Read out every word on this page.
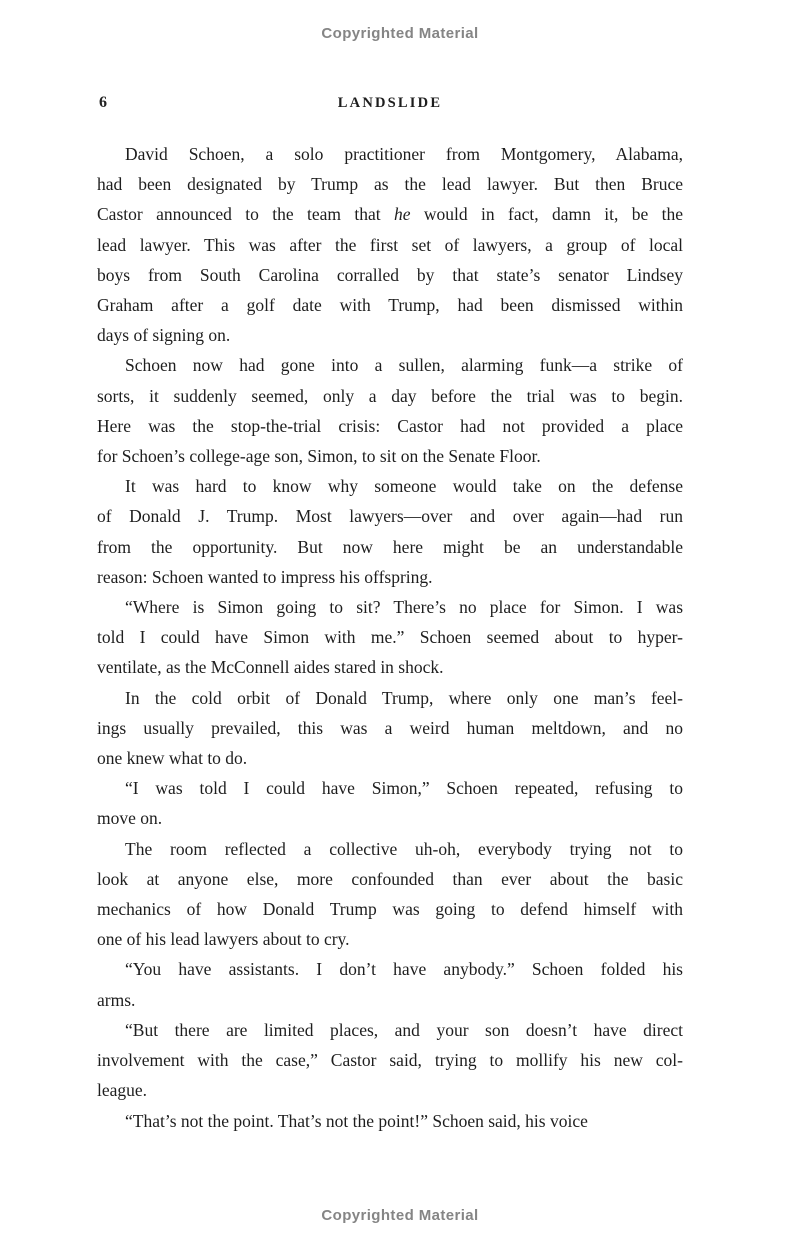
Copyrighted Material
6	LANDSLIDE
David Schoen, a solo practitioner from Montgomery, Alabama,
had been designated by Trump as the lead lawyer. But then Bruce
Castor announced to the team that he would in fact, damn it, be the
lead lawyer. This was after the first set of lawyers, a group of local
boys from South Carolina corralled by that state’s senator Lindsey
Graham after a golf date with Trump, had been dismissed within
days of signing on.
Schoen now had gone into a sullen, alarming funk—a strike of
sorts, it suddenly seemed, only a day before the trial was to begin.
Here was the stop-the-trial crisis: Castor had not provided a place
for Schoen’s college-age son, Simon, to sit on the Senate Floor.
It was hard to know why someone would take on the defense
of Donald J. Trump. Most lawyers—over and over again—had run
from the opportunity. But now here might be an understandable
reason: Schoen wanted to impress his offspring.
“Where is Simon going to sit? There’s no place for Simon. I was
told I could have Simon with me.” Schoen seemed about to hyper-
ventilate, as the McConnell aides stared in shock.
In the cold orbit of Donald Trump, where only one man’s feel-
ings usually prevailed, this was a weird human meltdown, and no
one knew what to do.
“I was told I could have Simon,” Schoen repeated, refusing to
move on.
The room reflected a collective uh-oh, everybody trying not to
look at anyone else, more confounded than ever about the basic
mechanics of how Donald Trump was going to defend himself with
one of his lead lawyers about to cry.
“You have assistants. I don’t have anybody.” Schoen folded his
arms.
“But there are limited places, and your son doesn’t have direct
involvement with the case,” Castor said, trying to mollify his new col-
league.
“That’s not the point. That’s not the point!” Schoen said, his voice
Copyrighted Material
